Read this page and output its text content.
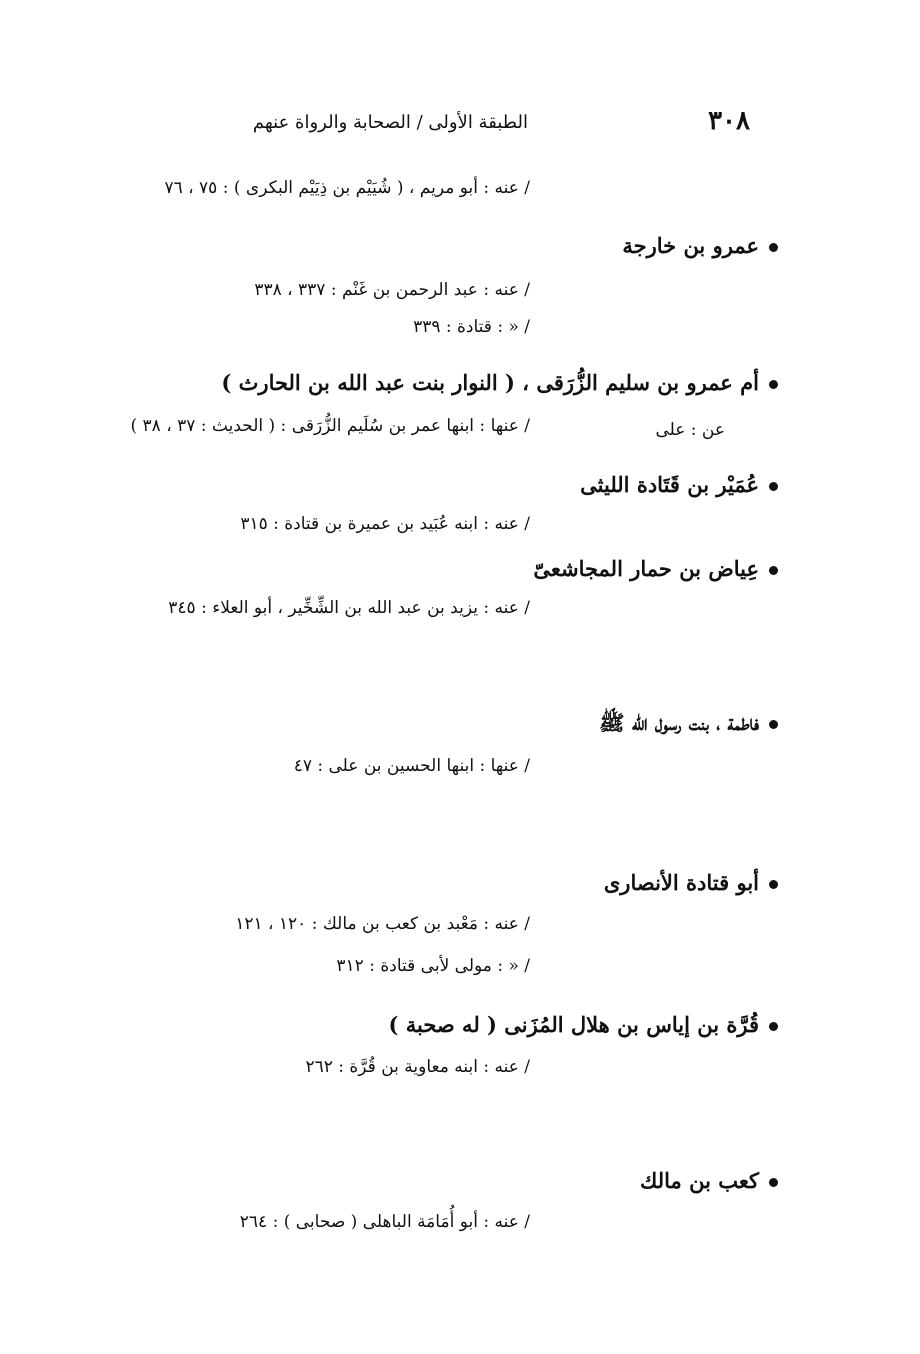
٣٠٨
الطبقة الأولى / الصحابة والرواة عنهم
/ عنه : أبو مريم ، ( شُيَيْم بن ذِيَيْم البكرى ) : ٧٥ ، ٧٦
عمرو بن خارجة
/ عنه : عبد الرحمن بن غَنْم : ٣٣٧ ، ٣٣٨
/ « : قتادة : ٣٣٩
أم عمرو بن سليم الزُّرَقى ، ( النوار بنت عبد الله بن الحارث )
عن : على
/ عنها : ابنها عمر بن سُلَيم الزُّرَقى : ( الحديث : ٣٧ ، ٣٨ )
عُمَيْر بن قَتَادة الليثى
/ عنه : ابنه عُبَيد بن عميرة بن قتادة : ٣١٥
عِياض بن حمار المجاشعىّ
/ عنه : يزيد بن عبد الله بن الشِّخِّير ، أبو العلاء : ٣٤٥
فاطمة ، بنت رسول الله ﷺ
/ عنها : ابنها الحسين بن على : ٤٧
أبو قتادة الأنصارى
/ عنه : مَعْبد بن كعب بن مالك : ١٢٠ ، ١٢١
/ « : مولى لأبى قتادة : ٣١٢
قُرَّة بن إياس بن هلال المُزَنى ( له صحبة )
/ عنه : ابنه معاوية بن قُرَّة : ٢٦٢
كعب بن مالك
/ عنه : أبو أُمَامَة الباهلى ( صحابى ) : ٢٦٤
